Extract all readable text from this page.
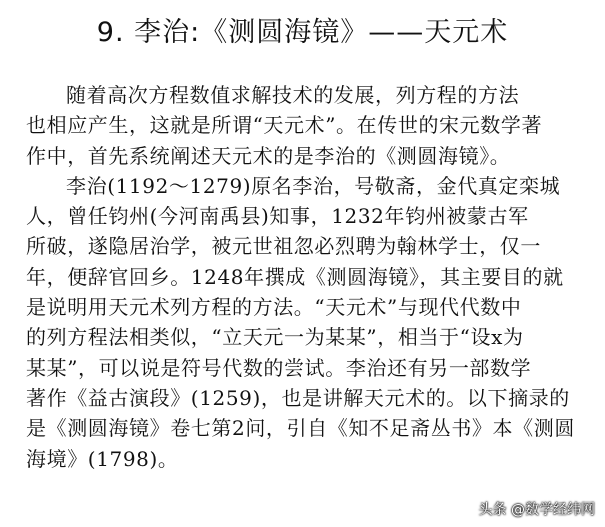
9. 李治:《测圆海镜》——天元术
随着高次方程数值求解技术的发展，列方程的方法
也相应产生，这就是所谓“天元术”。在传世的宋元数学著
作中，首先系统阐述天元术的是李治的《测圆海镜》。
李治(1192～1279)原名李治，号敬斋，金代真定栾城
人，曾任钧州(今河南禹县)知事，1232年钧州被蒙古军
所破，遂隐居治学，被元世祖忽必烈聘为翰林学士，仅一
年，便辞官回乡。1248年撰成《测圆海镜》，其主要目的就
是说明用天元术列方程的方法。“天元术”与现代代数中
的列方程法相类似，“立天元一为某某”，相当于“设x为
某某”，可以说是符号代数的尝试。李治还有另一部数学
著作《益古演段》(1259)，也是讲解天元术的。以下摘录的
是《测圆海镜》卷七第2问，引自《知不足斋丛书》本《测圆
海境》(1798)。
头条 @数学经纬网
